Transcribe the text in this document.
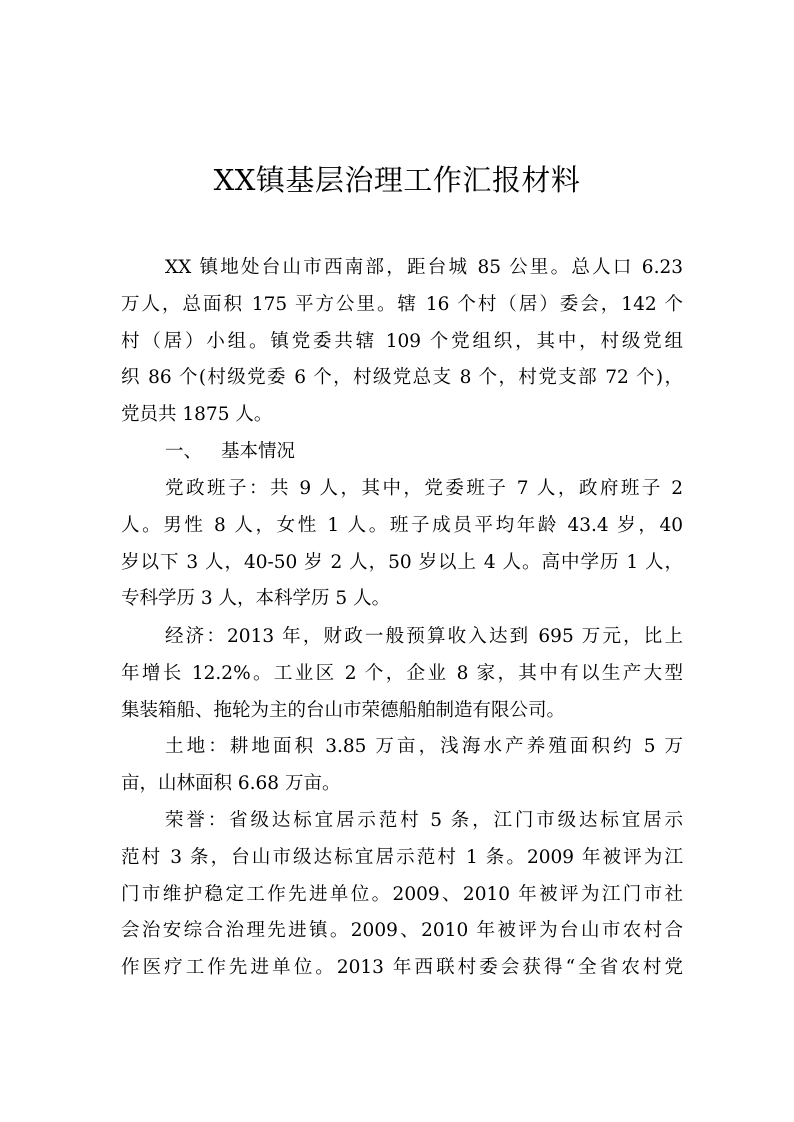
XX镇基层治理工作汇报材料
XX 镇地处台山市西南部，距台城 85 公里。总人口 6.23
万人，总面积 175 平方公里。辖 16 个村（居）委会，142 个
村（居）小组。镇党委共辖 109 个党组织，其中，村级党组
织 86 个(村级党委 6 个，村级党总支 8 个，村党支部 72 个)，
党员共 1875 人。
一、 基本情况
党政班子：共 9 人，其中，党委班子 7 人，政府班子 2
人。男性 8 人，女性 1 人。班子成员平均年龄 43.4 岁，40
岁以下 3 人，40-50 岁 2 人，50 岁以上 4 人。高中学历 1 人，
专科学历 3 人，本科学历 5 人。
经济：2013 年，财政一般预算收入达到 695 万元，比上
年增长 12.2%。工业区 2 个，企业 8 家，其中有以生产大型
集装箱船、拖轮为主的台山市荣德船舶制造有限公司。
土地：耕地面积 3.85 万亩，浅海水产养殖面积约 5 万
亩，山林面积 6.68 万亩。
荣誉：省级达标宜居示范村 5 条，江门市级达标宜居示
范村 3 条，台山市级达标宜居示范村 1 条。2009 年被评为江
门市维护稳定工作先进单位。2009、2010 年被评为江门市社
会治安综合治理先进镇。2009、2010 年被评为台山市农村合
作医疗工作先进单位。2013 年西联村委会获得“全省农村党
